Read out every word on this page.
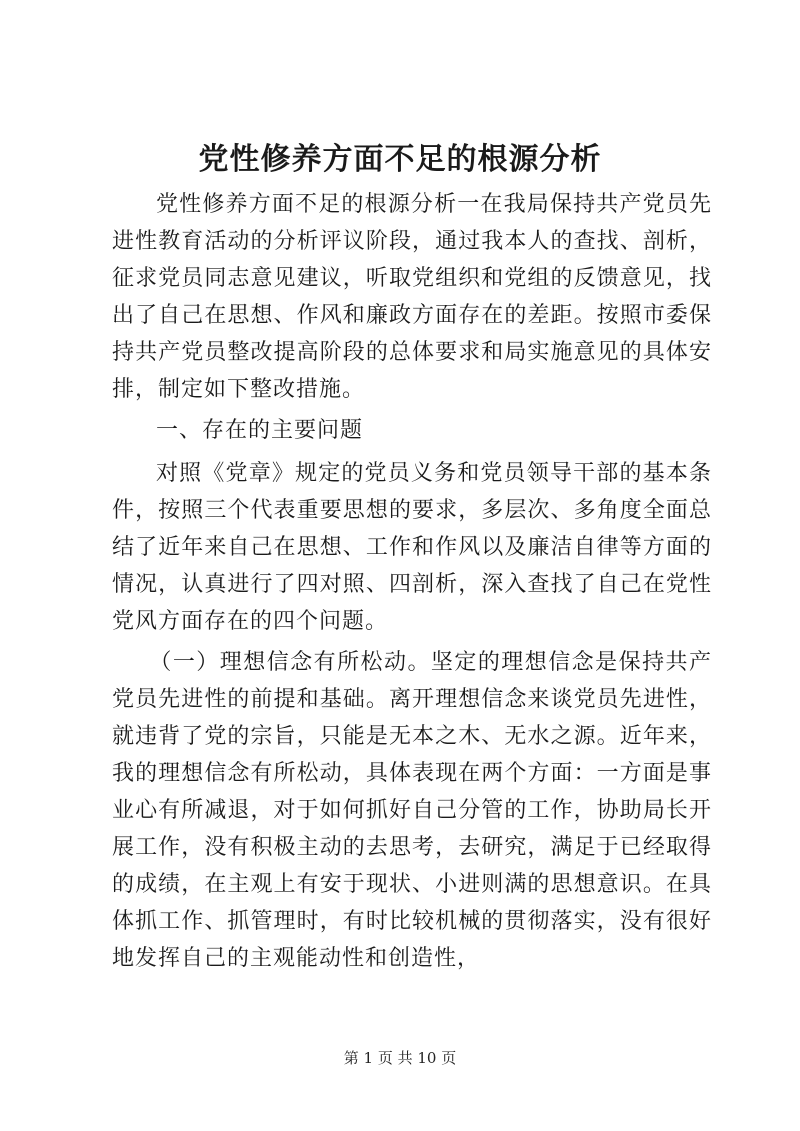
党性修养方面不足的根源分析

党性修养方面不足的根源分析一在我局保持共产党员先进性教育活动的分析评议阶段，通过我本人的查找、剖析，征求党员同志意见建议，听取党组织和党组的反馈意见，找出了自己在思想、作风和廉政方面存在的差距。按照市委保持共产党员整改提高阶段的总体要求和局实施意见的具体安排，制定如下整改措施。

一、存在的主要问题

对照《党章》规定的党员义务和党员领导干部的基本条件，按照三个代表重要思想的要求，多层次、多角度全面总结了近年来自己在思想、工作和作风以及廉洁自律等方面的情况，认真进行了四对照、四剖析，深入查找了自己在党性党风方面存在的四个问题。

（一）理想信念有所松动。坚定的理想信念是保持共产党员先进性的前提和基础。离开理想信念来谈党员先进性，就违背了党的宗旨，只能是无本之木、无水之源。近年来，我的理想信念有所松动，具体表现在两个方面：一方面是事业心有所减退，对于如何抓好自己分管的工作，协助局长开展工作，没有积极主动的去思考，去研究，满足于已经取得的成绩，在主观上有安于现状、小进则满的思想意识。在具体抓工作、抓管理时，有时比较机械的贯彻落实，没有很好地发挥自己的主观能动性和创造性，

第 1 页 共 10 页
